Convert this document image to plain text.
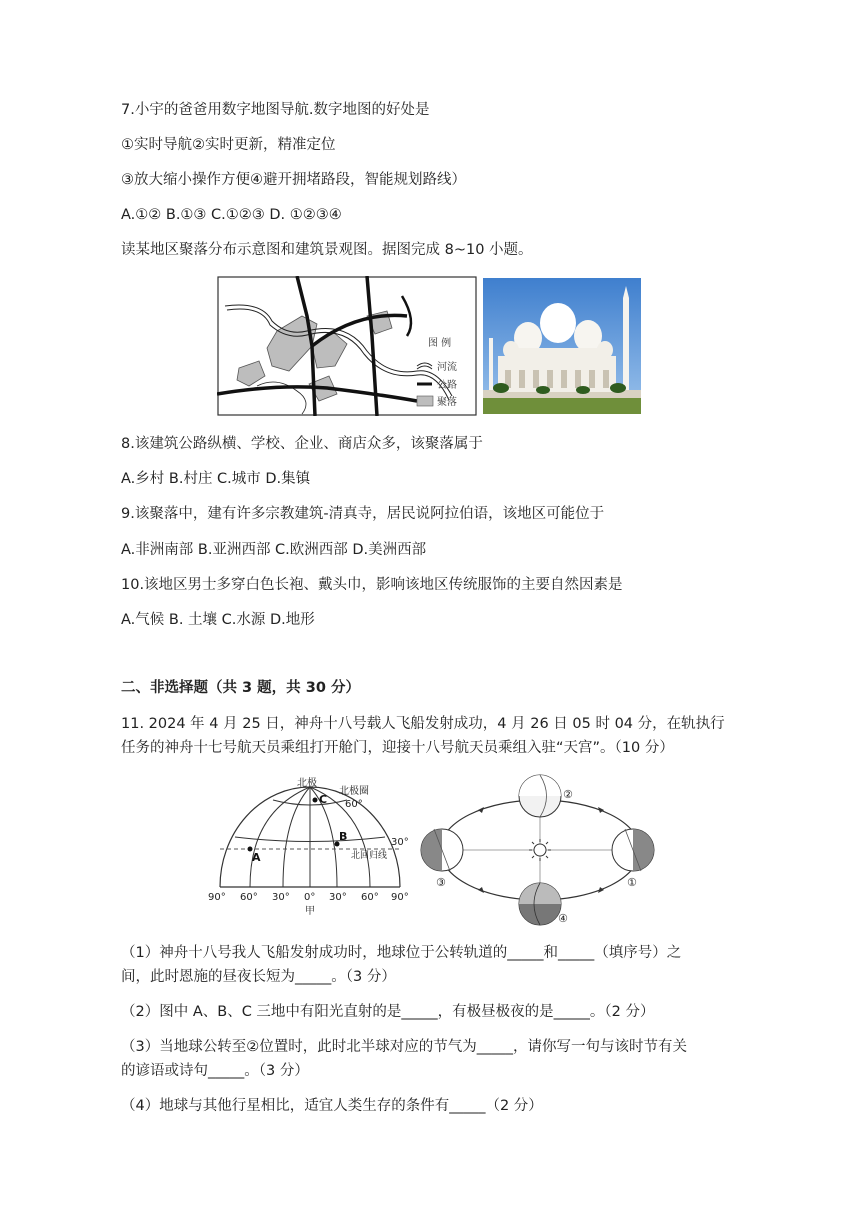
7.小宇的爸爸用数字地图导航.数字地图的好处是
①实时导航②实时更新，精准定位
③放大缩小操作方便④避开拥堵路段，智能规划路线）
A.①② B.①③ C.①②③ D. ①②③④
读某地区聚落分布示意图和建筑景观图。据图完成 8~10 小题。
图 例
河流
公路
聚落
8.该建筑公路纵横、学校、企业、商店众多，该聚落属于
A.乡村 B.村庄 C.城市 D.集镇
9.该聚落中，建有许多宗教建筑-清真寺，居民说阿拉伯语，该地区可能位于
A.非洲南部 B.亚洲西部 C.欧洲西部 D.美洲西部
10.该地区男士多穿白色长袍、戴头巾，影响该地区传统服饰的主要自然因素是
A.气候 B. 土壤 C.水源 D.地形
二、非选择题（共 3 题，共 30 分）
11. 2024 年 4 月 25 日，神舟十八号载人飞船发射成功，4 月 26 日 05 时 04 分，在轨执行
任务的神舟十七号航天员乘组打开舱门，迎接十八号航天员乘组入驻“天宫”。（10 分）
北极
北极圈
60°
30°
北回归线
C
B
A
90° 60° 30° 0° 30° 60° 90°
甲
②
①
③
④
（1）神舟十八号我人飞船发射成功时，地球位于公转轨道的_____和_____（填序号）之
间，此时恩施的昼夜长短为_____。（3 分）
（2）图中 A、B、C 三地中有阳光直射的是_____，有极昼极夜的是_____。（2 分）
（3）当地球公转至②位置时，此时北半球对应的节气为_____，请你写一句与该时节有关
的谚语或诗句_____。（3 分）
（4）地球与其他行星相比，适宜人类生存的条件有_____（2 分）
